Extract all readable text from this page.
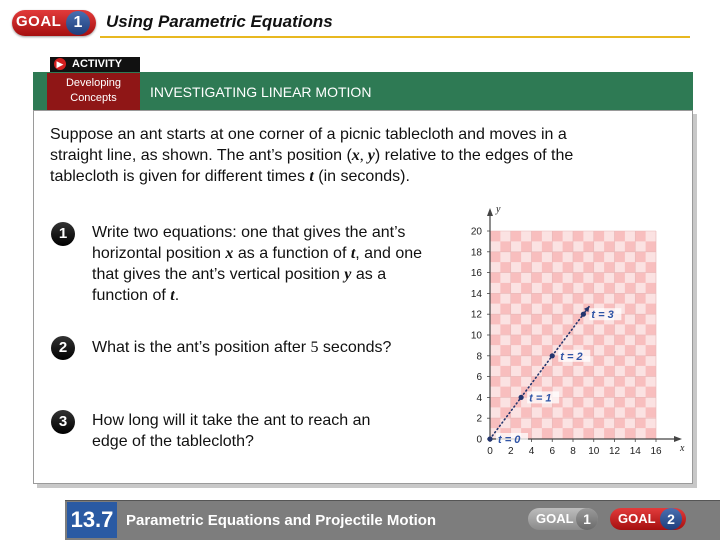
GOAL 1	Using Parametric Equations
▶ ACTIVITY
Developing
Concepts	INVESTIGATING LINEAR MOTION
Suppose an ant starts at one corner of a picnic tablecloth and moves in a straight line, as shown. The ant’s position (x, y) relative to the edges of the tablecloth is given for different times t (in seconds).
1	Write two equations: one that gives the ant’s horizontal position x as a function of t, and one that gives the ant’s vertical position y as a function of t.
2	What is the ant’s position after 5 seconds?
3	How long will it take the ant to reach an edge of the tablecloth?	x
y
0 2 4 6 8 10 12 14 16
0
2
4
6
8
10
12
14
16
18
20
t = 0
t = 1
t = 2
t = 3
13.7 Parametric Equations and Projectile Motion	GOAL 1	GOAL 2
